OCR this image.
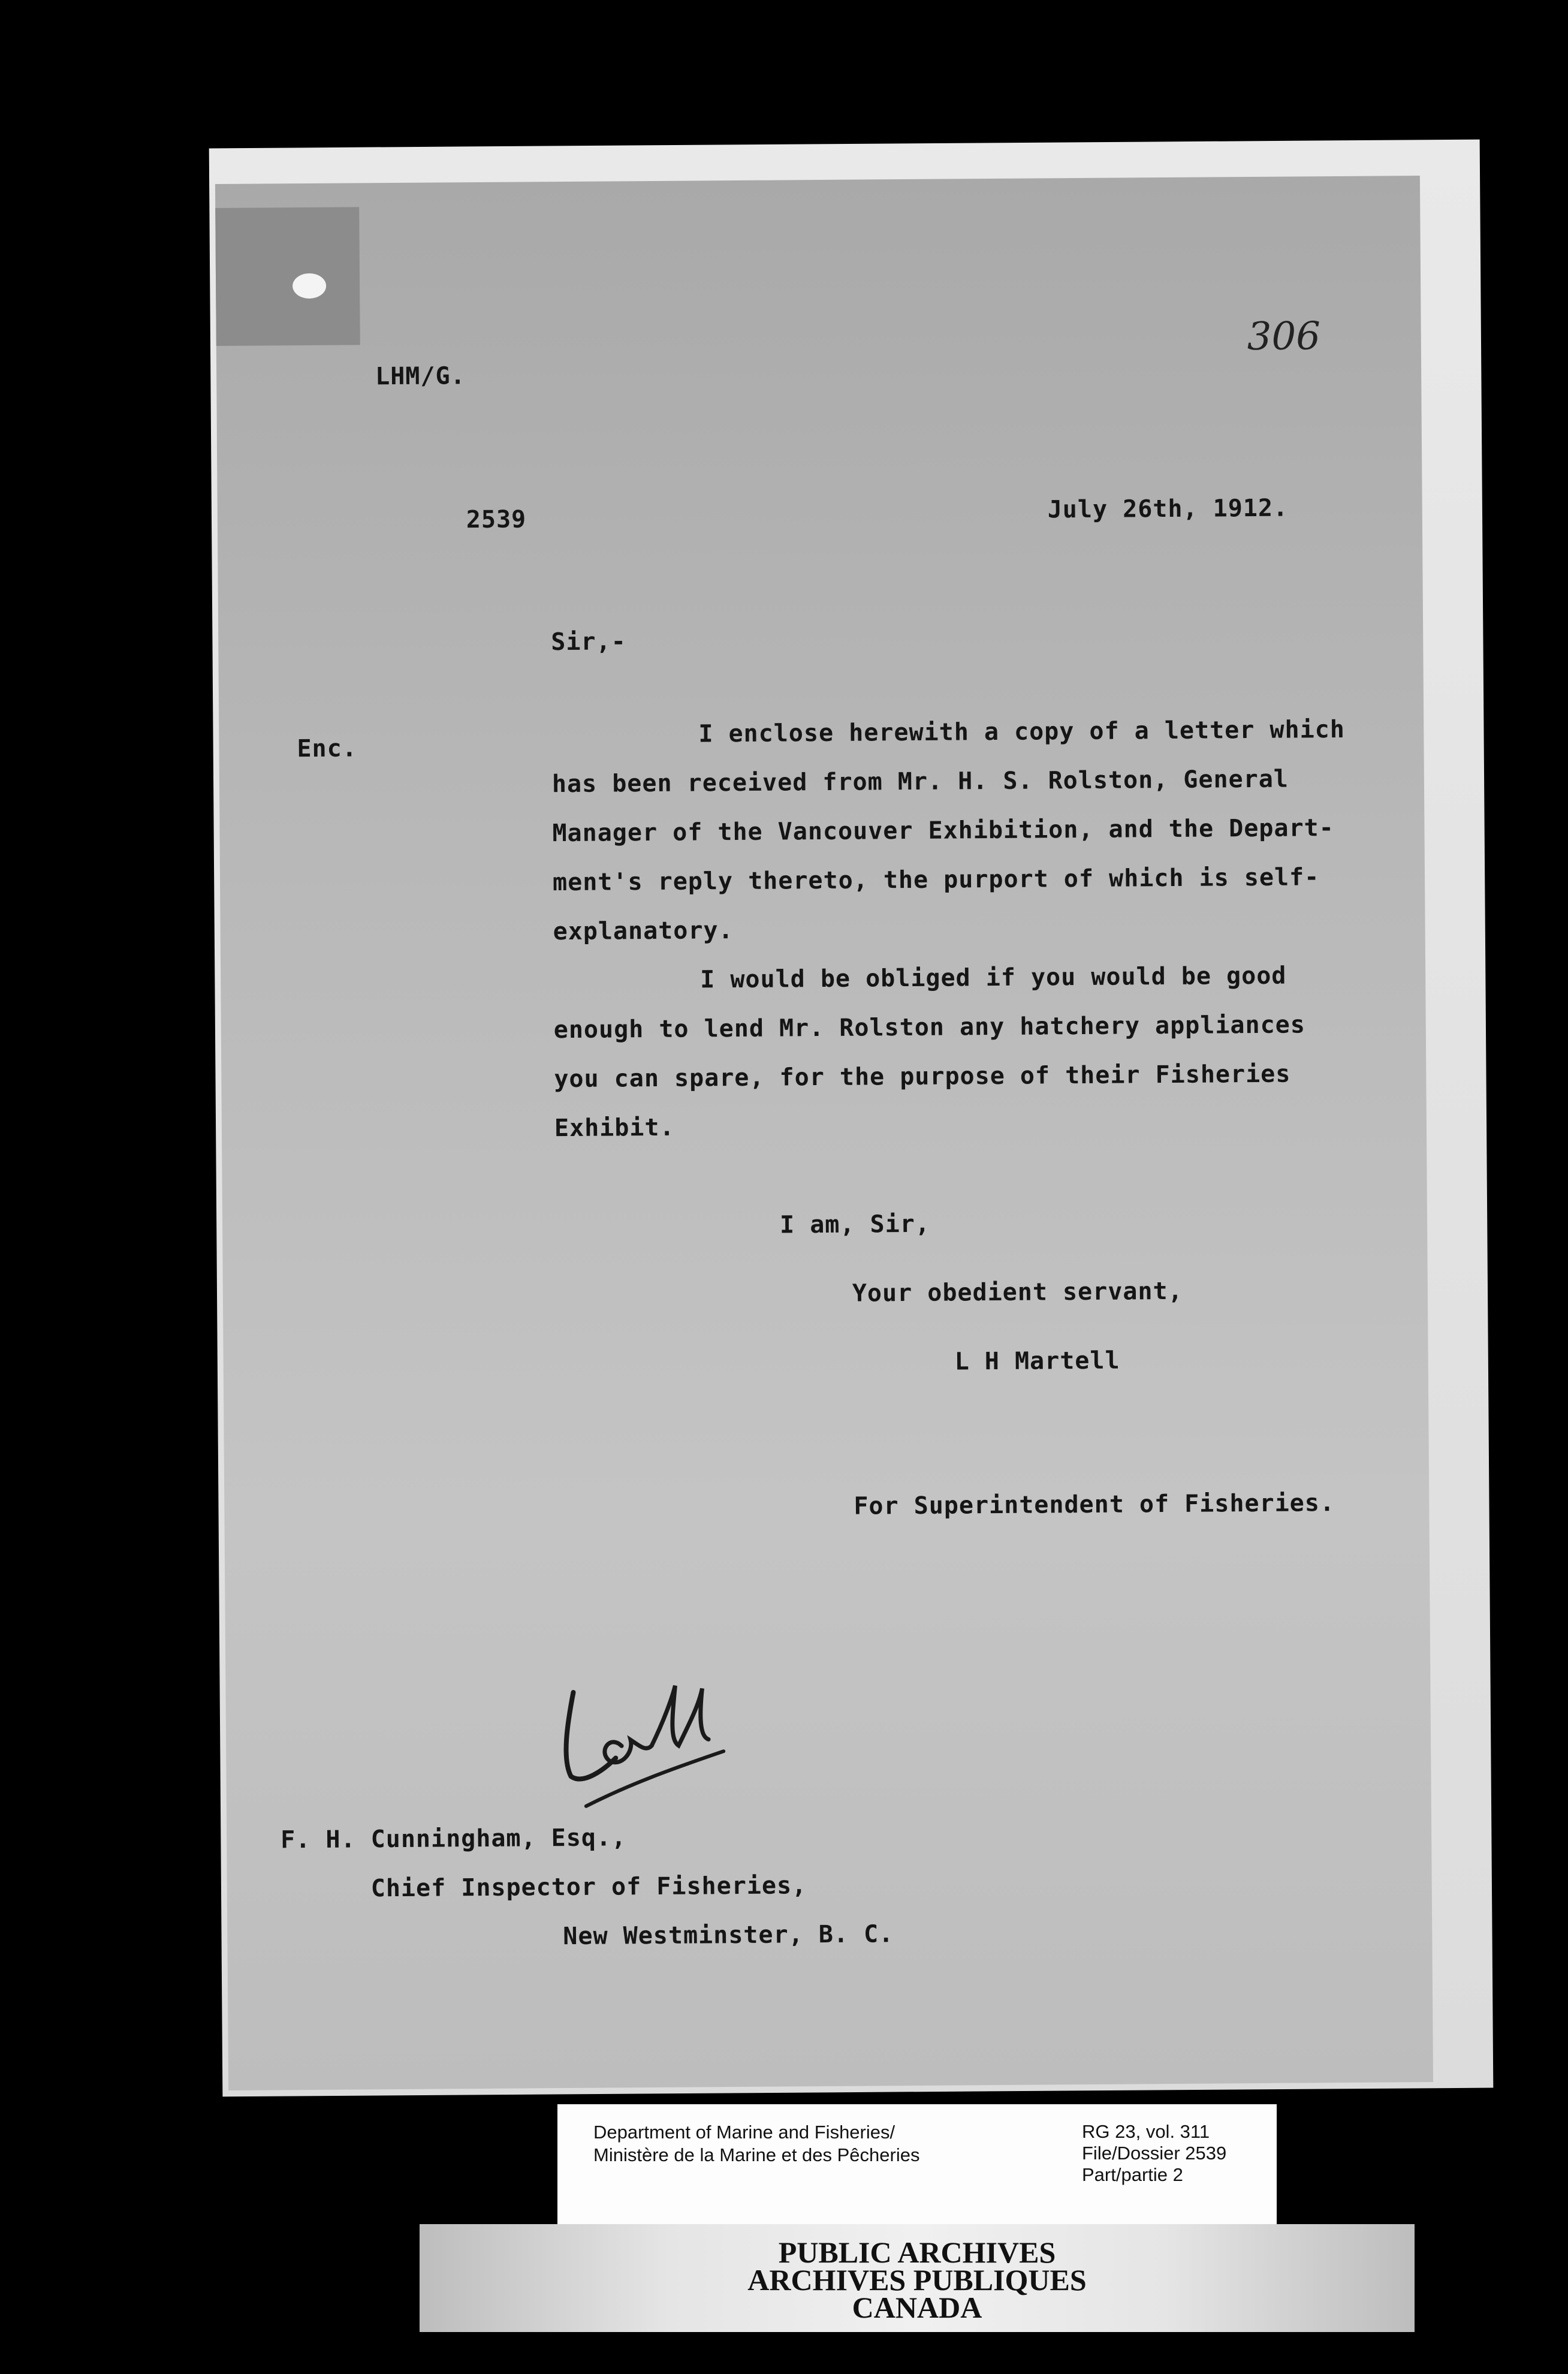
306
LHM/G.
2539	July 26th, 1912.
Sir,-
Enc.
I enclose herewith a copy of a letter which
has been received from Mr. H. S. Rolston, General
Manager of the Vancouver Exhibition, and the Depart-
ment's reply thereto, the purport of which is self-
explanatory.
I would be obliged if you would be good
enough to lend Mr. Rolston any hatchery appliances
you can spare, for the purpose of their Fisheries
Exhibit.
I am, Sir,
Your obedient servant,
L H Martell
For Superintendent of Fisheries.
F. H. Cunningham, Esq.,
Chief Inspector of Fisheries,
New Westminster, B. C.
Department of Marine and Fisheries/
Ministère de la Marine et des Pêcheries
RG 23, vol. 311
File/Dossier 2539
Part/partie 2
PUBLIC ARCHIVES
ARCHIVES PUBLIQUES
CANADA
